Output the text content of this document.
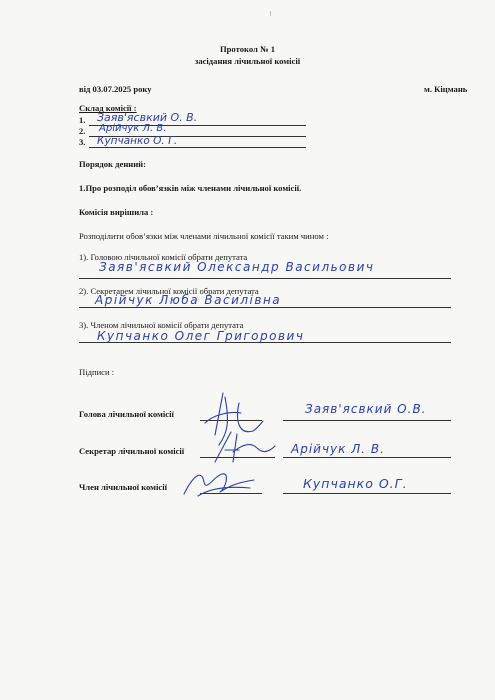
Протокол № 1
засідання лічильної комісії
від 03.07.2025 року	м. Кіцмань
Склад комісії :
1. Заяв'ясвкий О. В.
2. Арійчук Л. В.
3. Купчанко О. Г.
Порядок денний:
1.Про розподіл обов’язків між членами лічильної комісії.
Комісія вирішила :
Розподілити обов’язки між членами лічильної комісії таким чином :
1). Головою лічильної комісії обрати депутата
Заяв'ясвкий Олександр Васильович
2). Секретарем лічильної комісії обрати депутата
Арійчук Люба Василівна
3). Членом лічильної комісії обрати депутата
Купчанко Олег Григорович
Підписи :
Голова лічильної комісії	Заяв'ясвкий О.В.
Секретар лічильної комісії	Арійчук Л. В.
Член лічильної комісії	Купчанко О.Г.
